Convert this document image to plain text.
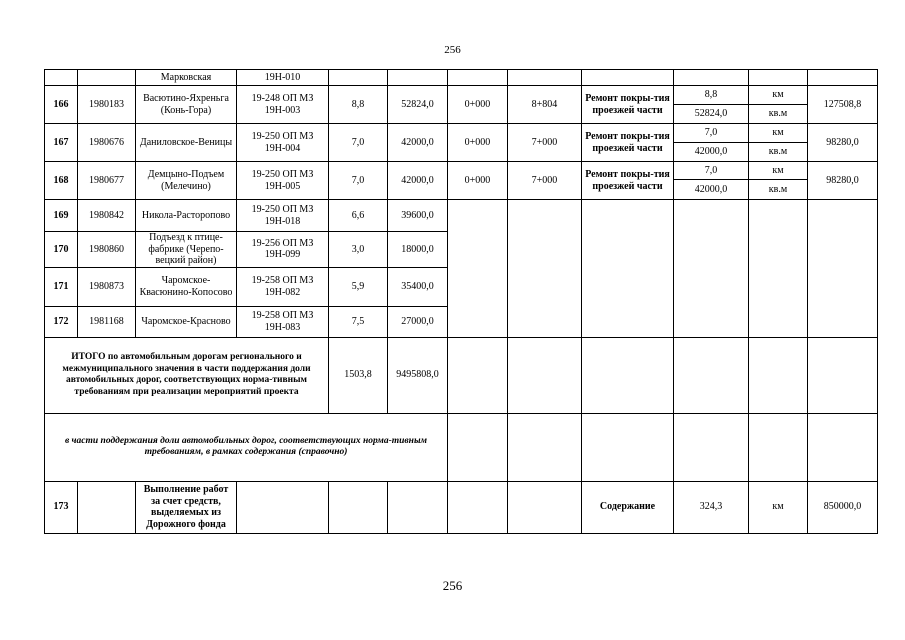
256
		Марковская	19Н-010								
166	1980183	Васютино-Яхреньга (Конь-Гора)	19-248 ОП МЗ 19Н-003	8,8	52824,0	0+000	8+804	Ремонт покры-тия проезжей части	8,8	км	127508,8
									52824,0	кв.м	
167	1980676	Даниловское-Веницы	19-250 ОП МЗ 19Н-004	7,0	42000,0	0+000	7+000	Ремонт покры-тия проезжей части	7,0	км	98280,0
									42000,0	кв.м	
168	1980677	Демцыно-Подъем (Мелечино)	19-250 ОП МЗ 19Н-005	7,0	42000,0	0+000	7+000	Ремонт покры-тия проезжей части	7,0	км	98280,0
									42000,0	кв.м	
169	1980842	Никола-Расторопово	19-250 ОП МЗ 19Н-018	6,6	39600,0						
170	1980860	Подъезд к птице-фабрике (Черепо-вецкий район)	19-256 ОП МЗ 19Н-099	3,0	18000,0						
171	1980873	Чаромское-Квасюнино-Копосово	19-258 ОП МЗ 19Н-082	5,9	35400,0						
172	1981168	Чаромское-Красново	19-258 ОП МЗ 19Н-083	7,5	27000,0						
ИТОГО по автомобильным дорогам регионального и межмуниципального значения в части поддержания доли автомобильных дорог, соответствующих норма-тивным требованиям при реализации мероприятий проекта				1503,8	9495808,0						
в части поддержания доли автомобильных дорог, соответствующих норма-тивным требованиям, в рамках содержания (справочно)											
173		Выполнение работ за счет средств, выделяемых из Дорожного фонда						Содержание	324,3	км	850000,0
256
